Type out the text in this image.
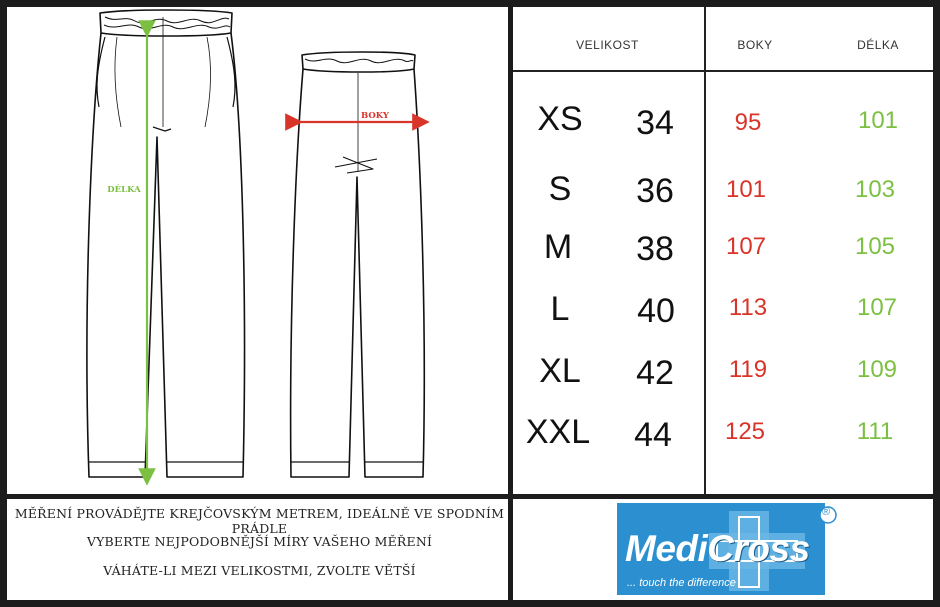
DÉLKA
BOKY
VELIKOST	BOKY	DÉLKA
XS	34	95	101
S	36	101	103
M	38	107	105
L	40	113	107
XL	42	119	109
XXL	44	125	111
MĚŘENÍ PROVÁDĚJTE KREJČOVSKÝM METREM, IDEÁLNĚ VE SPODNÍM PRÁDLE
VYBERTE NEJPODOBNĚJŠÍ MÍRY VAŠEHO MĚŘENÍ
VÁHÁTE-LI MEZI VELIKOSTMI, ZVOLTE VĚTŠÍ
®
MediCross
... touch the difference
